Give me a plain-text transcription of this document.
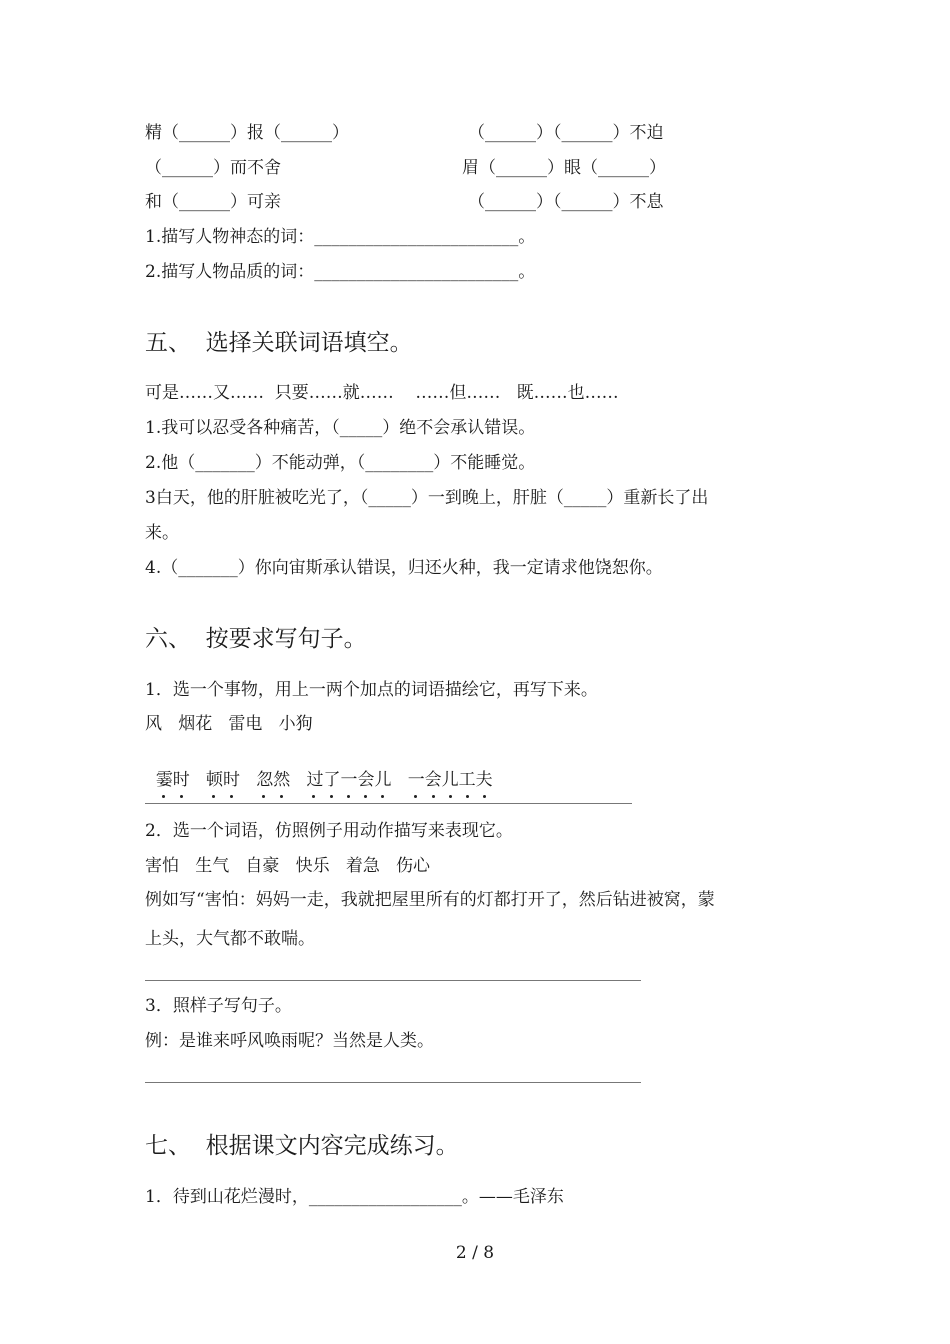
精（______）报（______）	（______）（______）不迫
（______）而不舍	眉（______）眼（______）
和（______）可亲	（______）（______）不息
1.描写人物神态的词：________________________。
2.描写人物品质的词：________________________。
五、  选择关联词语填空。
可是……又……  只要……就……    ……但……   既……也……
1.我可以忍受各种痛苦，（_____）绝不会承认错误。
2.他（_______）不能动弹，（________）不能睡觉。
3白天，他的肝脏被吃光了，（_____）一到晚上，肝脏（_____）重新长了出
来。
4.（_______）你向宙斯承认错误，归还火种，我一定请求他饶恕你。
六、  按要求写句子。
1．选一个事物，用上一两个加点的词语描绘它，再写下来。
风   烟花   雷电   小狗

霎时 顿时 忽然 过了一会儿 一会儿工夫

2．选一个词语，仿照例子用动作描写来表现它。
害怕   生气   自豪   快乐   着急   伤心
例如写“害怕：妈妈一走，我就把屋里所有的灯都打开了，然后钻进被窝，蒙
上头，大气都不敢喘。
3．照样子写句子。
例：是谁来呼风唤雨呢？当然是人类。
七、  根据课文内容完成练习。
1．待到山花烂漫时，__________________。——毛泽东
2 / 8
